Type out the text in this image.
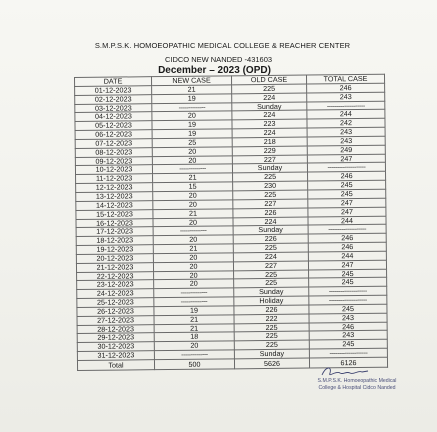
S.M.P.S.K. HOMOEOPATHIC MEDICAL COLLEGE & REACHER CENTER
CIDCO NEW NANDED -431603
December – 2023 (OPD)
DATE	NEW CASE	OLD CASE	TOTAL CASE
01-12-2023	21	225	246
02-12-2023	19	224	243
03-12-2023	--------------	Sunday	--------------------
04-12-2023	20	224	244
05-12-2023	19	223	242
06-12-2023	19	224	243
07-12-2023	25	218	243
08-12-2023	20	229	249
09-12-2023	20	227	247
10-12-2023	--------------	Sunday	--------------------
11-12-2023	21	225	246
12-12-2023	15	230	245
13-12-2023	20	225	245
14-12-2023	20	227	247
15-12-2023	21	226	247
16-12-2023	20	224	244
17-12-2023	--------------	Sunday	--------------------
18-12-2023	20	226	246
19-12-2023	21	225	246
20-12-2023	20	224	244
21-12-2023	20	227	247
22-12-2023	20	225	245
23-12-2023	20	225	245
24-12-2023	--------------	Sunday	--------------------
25-12-2023	--------------	Holiday	--------------------
26-12-2023	19	226	245
27-12-2023	21	222	243
28-12-2023	21	225	246
29-12-2023	18	225	243
30-12-2023	20	225	245
31-12-2023	--------------	Sunday	--------------------
Total	500	5626	6126
S.M.P.S.K. Homoeopathic Medical
College & Hospital Cidco Nanded
